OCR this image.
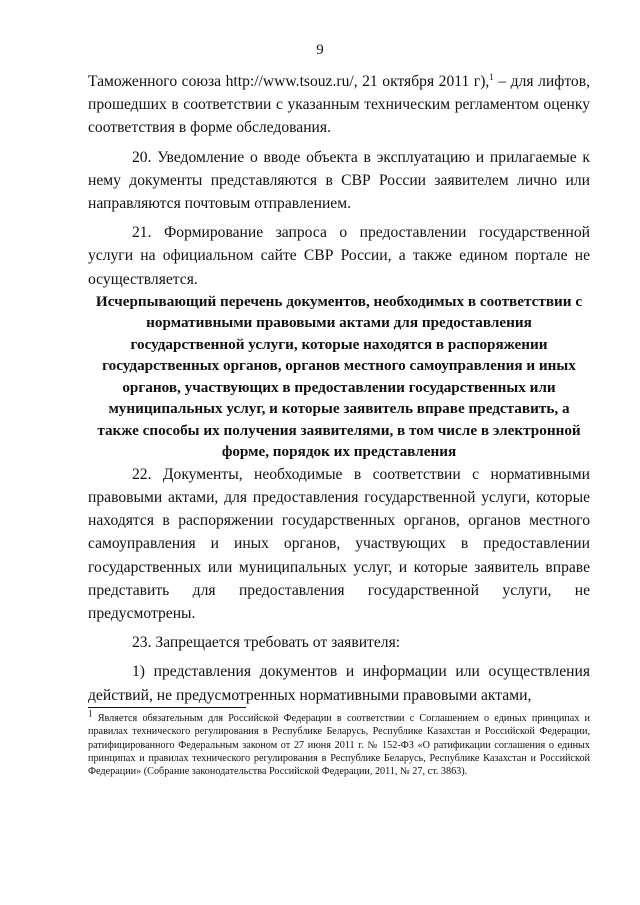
9

Таможенного союза http://www.tsouz.ru/, 21 октября 2011 г),$^1$ – для лифтов, прошедших в соответствии с указанным техническим регламентом оценку соответствия в форме обследования.

20. Уведомление о вводе объекта в эксплуатацию и прилагаемые к нему документы представляются в СВР России заявителем лично или направляются почтовым отправлением.

21. Формирование запроса о предоставлении государственной услуги на официальном сайте СВР России, а также едином портале не осуществляется.

Исчерпывающий перечень документов, необходимых в соответствии с нормативными правовыми актами для предоставления государственной услуги, которые находятся в распоряжении государственных органов, органов местного самоуправления и иных органов, участвующих в предоставлении государственных или муниципальных услуг, и которые заявитель вправе представить, а также способы их получения заявителями, в том числе в электронной форме, порядок их представления

22. Документы, необходимые в соответствии с нормативными правовыми актами, для предоставления государственной услуги, которые находятся в распоряжении государственных органов, органов местного самоуправления и иных органов, участвующих в предоставлении государственных или муниципальных услуг, и которые заявитель вправе представить для предоставления государственной услуги, не предусмотрены.

23. Запрещается требовать от заявителя:

1) представления документов и информации или осуществления действий, не предусмотренных нормативными правовыми актами,

$^1$ Является обязательным для Российской Федерации в соответствии с Соглашением о единых принципах и правилах технического регулирования в Республике Беларусь, Республике Казахстан и Российской Федерации, ратифицированного Федеральным законом от 27 июня 2011 г. № 152-ФЗ «О ратификации соглашения о единых принципах и правилах технического регулирования в Республике Беларусь, Республике Казахстан и Российской Федерации» (Собрание законодательства Российской Федерации, 2011, № 27, ст. 3863).
